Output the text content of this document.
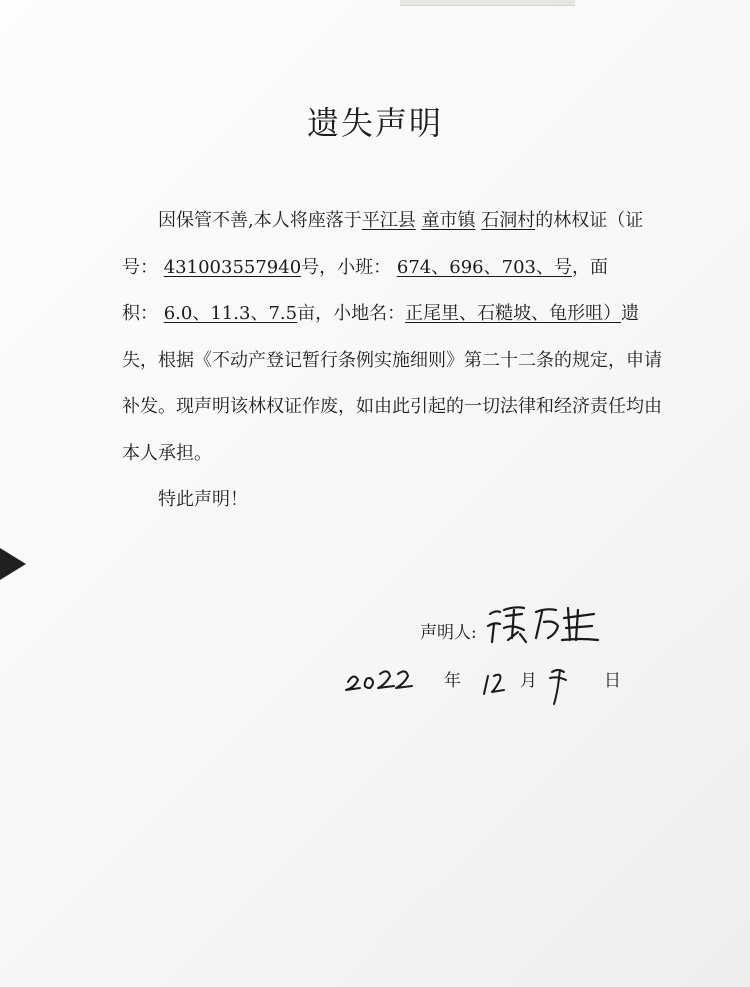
遗失声明

因保管不善,本人将座落于平江县 童市镇 石洞村的林权证（证号： 431003557940号，小班： 674、696、703、号，面积： 6.0、11.3、7.5亩，小地名：正尾里、石糙坡、龟形咀）遗失，根据《不动产登记暂行条例实施细则》第二十二条的规定，申请补发。现声明该林权证作废，如由此引起的一切法律和经济责任均由本人承担。

特此声明！

声明人:
年	月	日
